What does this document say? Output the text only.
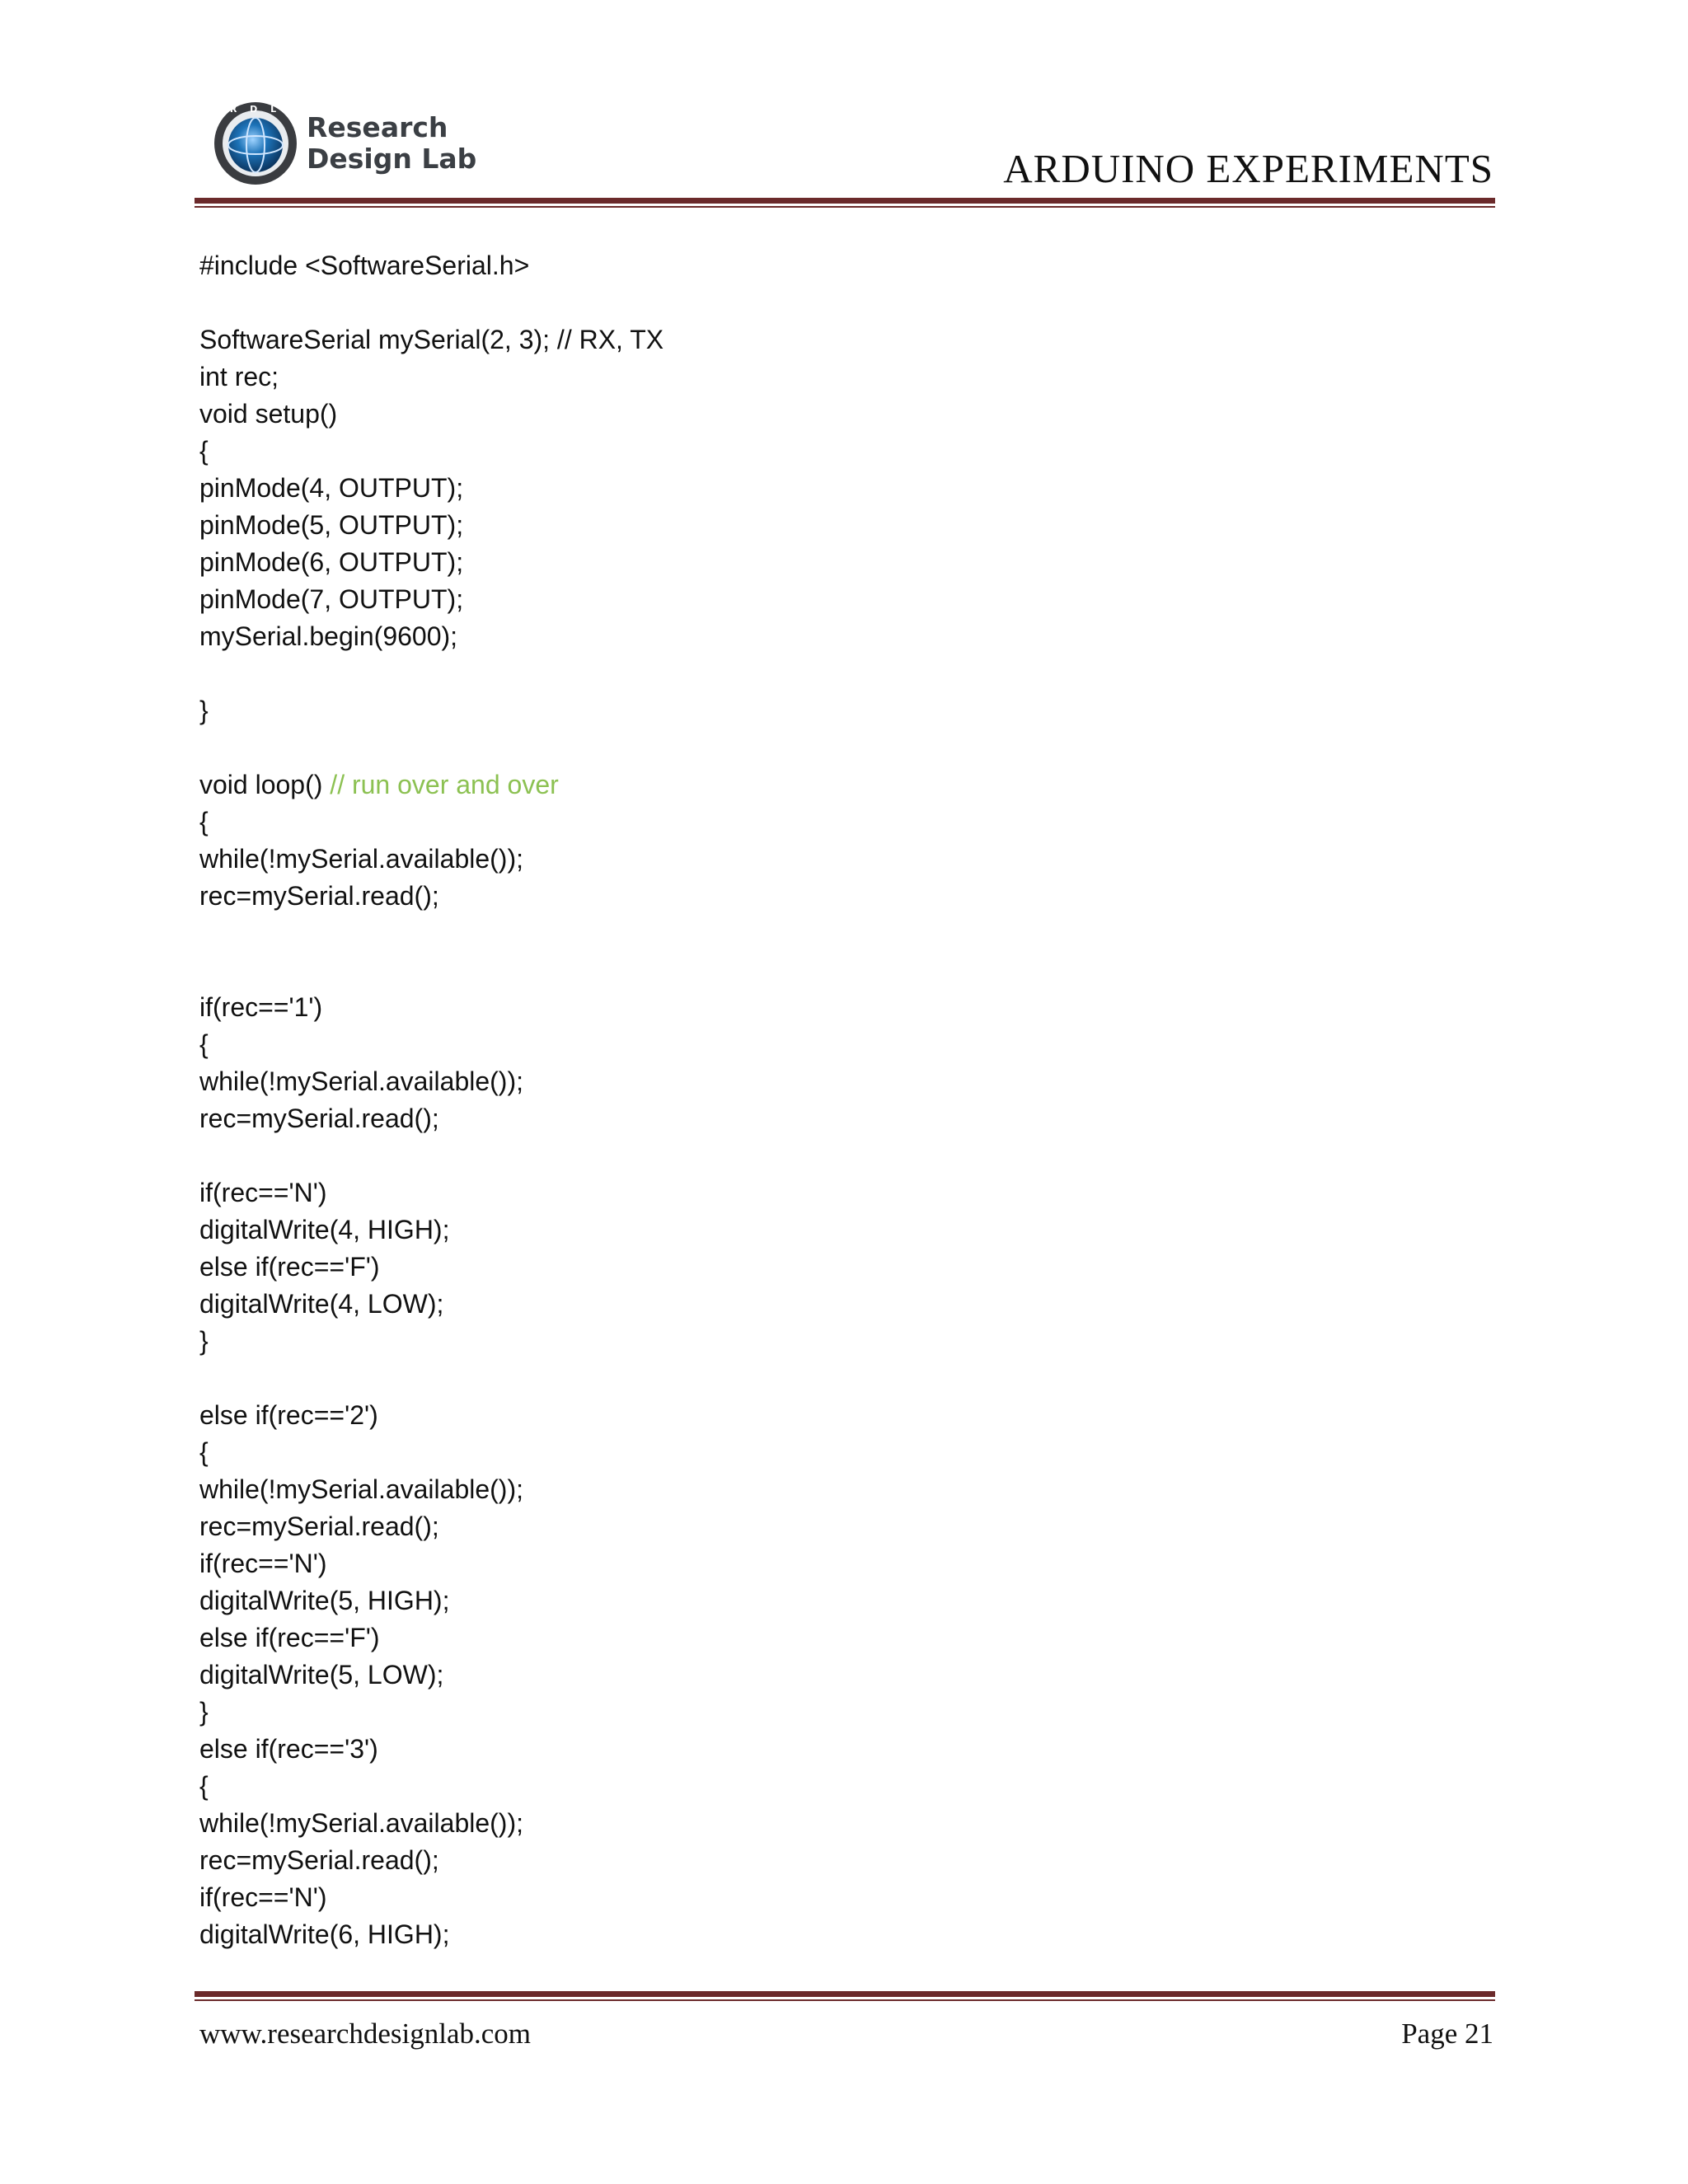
R D L
Research
Design Lab	ARDUINO EXPERIMENTS
#include <SoftwareSerial.h>

SoftwareSerial mySerial(2, 3); // RX, TX
int rec;
void setup()
{
pinMode(4, OUTPUT);
pinMode(5, OUTPUT);
pinMode(6, OUTPUT);
pinMode(7, OUTPUT);
mySerial.begin(9600);

}

void loop() // run over and over
{
while(!mySerial.available());
rec=mySerial.read();

if(rec=='1')
{
while(!mySerial.available());
rec=mySerial.read();

if(rec=='N')
digitalWrite(4, HIGH);
else if(rec=='F')
digitalWrite(4, LOW);
}

else if(rec=='2')
{
while(!mySerial.available());
rec=mySerial.read();
if(rec=='N')
digitalWrite(5, HIGH);
else if(rec=='F')
digitalWrite(5, LOW);
}
else if(rec=='3')
{
while(!mySerial.available());
rec=mySerial.read();
if(rec=='N')
digitalWrite(6, HIGH);
www.researchdesignlab.com	Page 21
